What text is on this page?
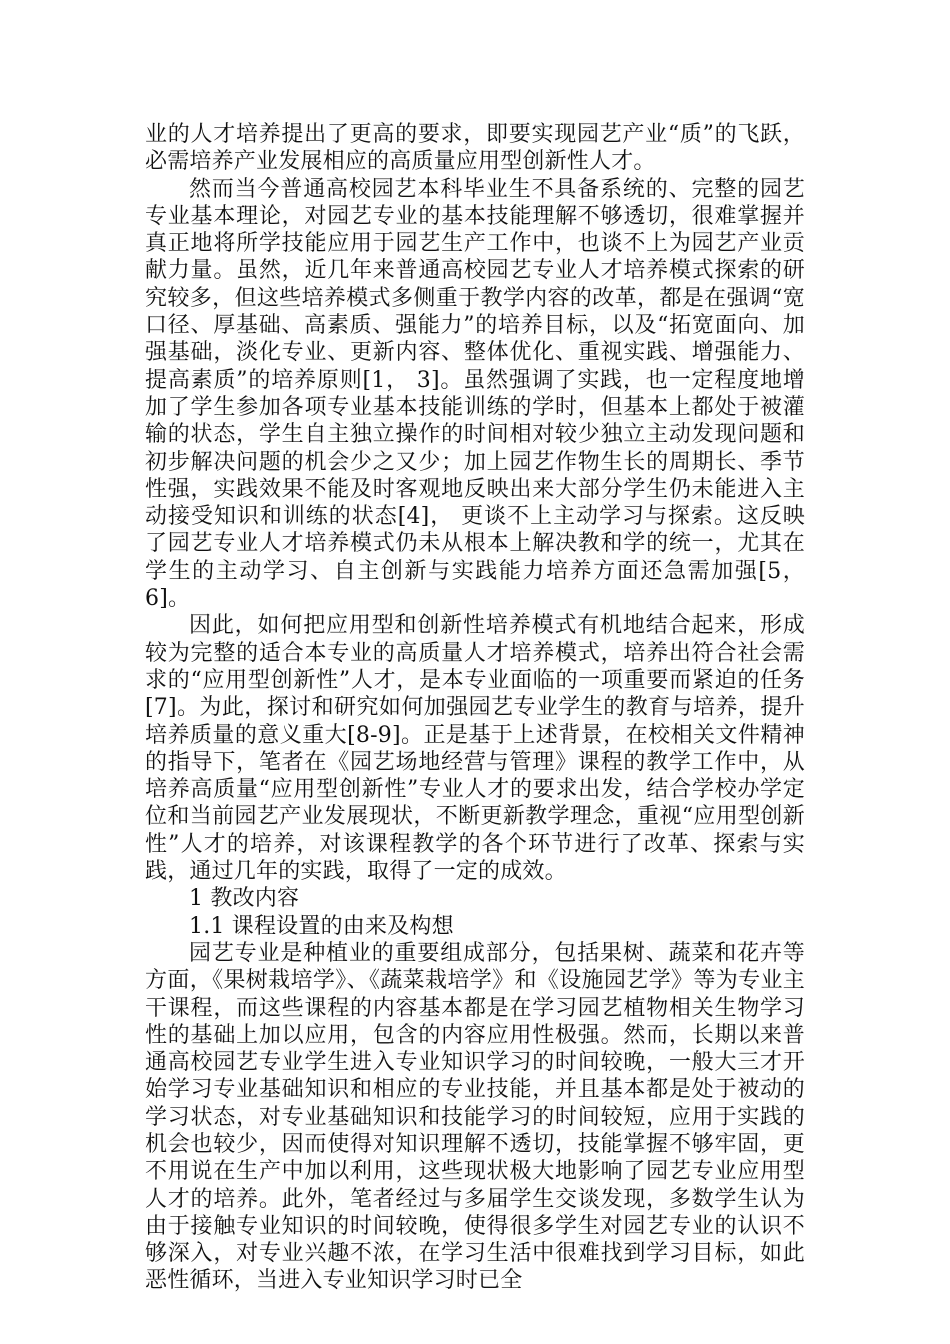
业的人才培养提出了更高的要求，即要实现园艺产业“质”的飞跃，必需培养产业发展相应的高质量应用型创新性人才。

然而当今普通高校园艺本科毕业生不具备系统的、完整的园艺专业基本理论，对园艺专业的基本技能理解不够透切，很难掌握并真正地将所学技能应用于园艺生产工作中，也谈不上为园艺产业贡献力量。虽然，近几年来普通高校园艺专业人才培养模式探索的研究较多，但这些培养模式多侧重于教学内容的改革，都是在强调“宽口径、厚基础、高素质、强能力”的培养目标，以及“拓宽面向、加强基础，淡化专业、更新内容、整体优化、重视实践、增强能力、提高素质”的培养原则[1， 3]。虽然强调了实践，也一定程度地增加了学生参加各项专业基本技能训练的学时，但基本上都处于被灌输的状态，学生自主独立操作的时间相对较少独立主动发现问题和初步解决问题的机会少之又少；加上园艺作物生长的周期长、季节性强，实践效果不能及时客观地反映出来大部分学生仍未能进入主动接受知识和训练的状态[4]， 更谈不上主动学习与探索。这反映了园艺专业人才培养模式仍未从根本上解决教和学的统一，尤其在学生的主动学习、自主创新与实践能力培养方面还急需加强[5， 6]。

因此，如何把应用型和创新性培养模式有机地结合起来，形成较为完整的适合本专业的高质量人才培养模式，培养出符合社会需求的“应用型创新性”人才，是本专业面临的一项重要而紧迫的任务[7]。为此，探讨和研究如何加强园艺专业学生的教育与培养，提升培养质量的意义重大[8-9]。正是基于上述背景，在校相关文件精神的指导下，笔者在《园艺场地经营与管理》课程的教学工作中，从培养高质量“应用型创新性”专业人才的要求出发，结合学校办学定位和当前园艺产业发展现状，不断更新教学理念，重视“应用型创新性”人才的培养，对该课程教学的各个环节进行了改革、探索与实践，通过几年的实践，取得了一定的成效。

1 教改内容
1.1 课程设置的由来及构想

园艺专业是种植业的重要组成部分，包括果树、蔬菜和花卉等方面，《果树栽培学》、《蔬菜栽培学》和《设施园艺学》等为专业主干课程，而这些课程的内容基本都是在学习园艺植物相关生物学习性的基础上加以应用，包含的内容应用性极强。然而，长期以来普通高校园艺专业学生进入专业知识学习的时间较晚，一般大三才开始学习专业基础知识和相应的专业技能，并且基本都是处于被动的学习状态，对专业基础知识和技能学习的时间较短，应用于实践的机会也较少，因而使得对知识理解不透切，技能掌握不够牢固，更不用说在生产中加以利用，这些现状极大地影响了园艺专业应用型人才的培养。此外，笔者经过与多届学生交谈发现，多数学生认为由于接触专业知识的时间较晚，使得很多学生对园艺专业的认识不够深入，对专业兴趣不浓，在学习生活中很难找到学习目标，如此恶性循环，当进入专业知识学习时已全
